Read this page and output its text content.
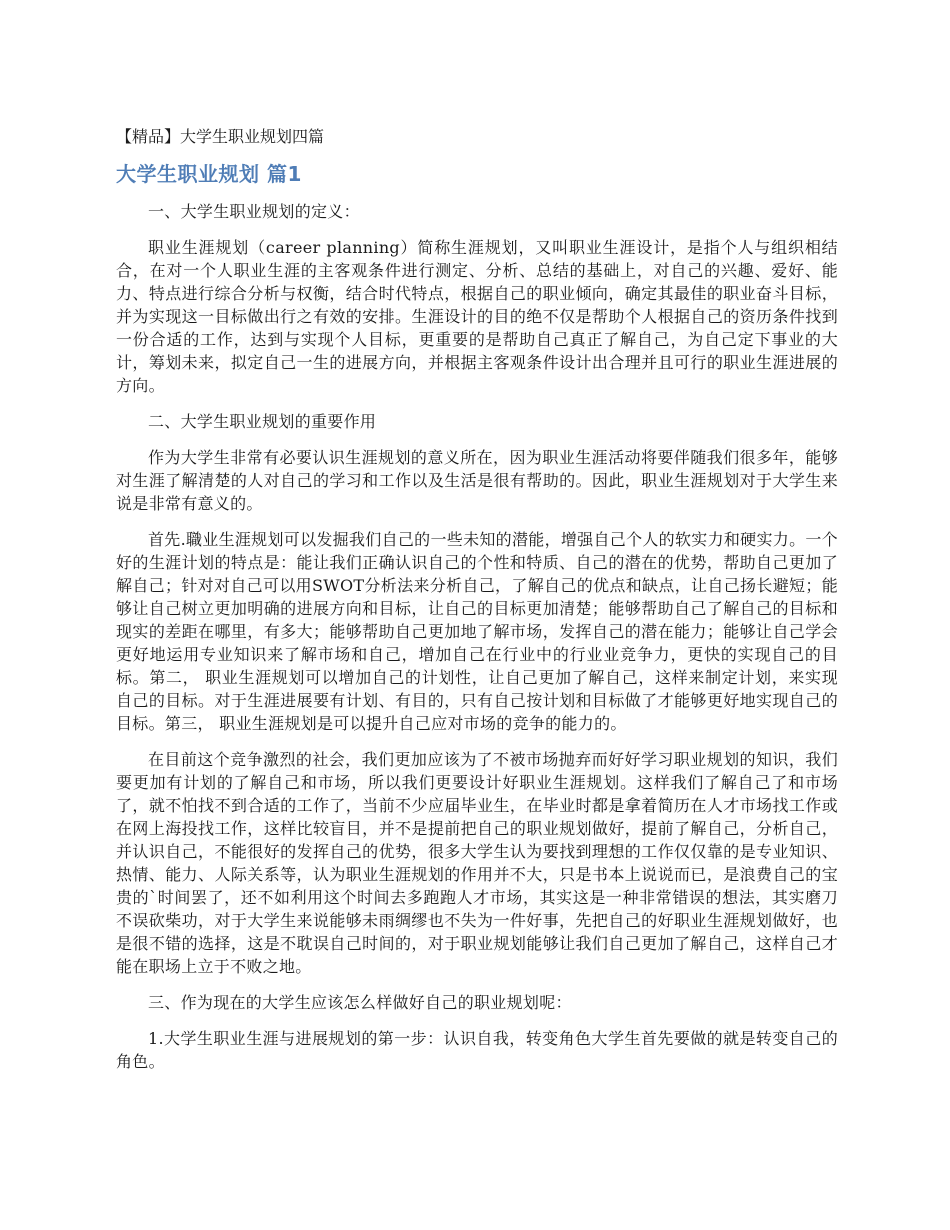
【精品】大学生职业规划四篇
大学生职业规划 篇1

一、大学生职业规划的定义：

职业生涯规划（career planning）简称生涯规划，又叫职业生涯设计，是指个人与组织相结合，在对一个人职业生涯的主客观条件进行测定、分析、总结的基础上，对自己的兴趣、爱好、能力、特点进行综合分析与权衡，结合时代特点，根据自己的职业倾向，确定其最佳的职业奋斗目标，并为实现这一目标做出行之有效的安排。生涯设计的目的绝不仅是帮助个人根据自己的资历条件找到一份合适的工作，达到与实现个人目标，更重要的是帮助自己真正了解自己，为自己定下事业的大计，筹划未来，拟定自己一生的进展方向，并根据主客观条件设计出合理并且可行的职业生涯进展的方向。

二、大学生职业规划的重要作用

作为大学生非常有必要认识生涯规划的意义所在，因为职业生涯活动将要伴随我们很多年，能够对生涯了解清楚的人对自己的学习和工作以及生活是很有帮助的。因此，职业生涯规划对于大学生来说是非常有意义的。

首先.職业生涯规划可以发掘我们自己的一些未知的潜能，增强自己个人的软实力和硬实力。一个好的生涯计划的特点是：能让我们正确认识自己的个性和特质、自己的潜在的优势，帮助自己更加了解自己；针对对自己可以用SWOT分析法来分析自己，了解自己的优点和缺点，让自己扬长避短；能够让自己树立更加明确的进展方向和目标，让自己的目标更加清楚；能够帮助自己了解自己的目标和现实的差距在哪里，有多大；能够帮助自己更加地了解市场，发挥自己的潜在能力；能够让自己学会更好地运用专业知识来了解市场和自己，增加自己在行业中的行业业竞争力，更快的实现自己的目标。第二， 职业生涯规划可以增加自己的计划性，让自己更加了解自己，这样来制定计划，来实现自己的目标。对于生涯进展要有计划、有目的，只有自己按计划和目标做了才能够更好地实现自己的目标。第三， 职业生涯规划是可以提升自己应对市场的竞争的能力的。

在目前这个竞争激烈的社会，我们更加应该为了不被市场抛弃而好好学习职业规划的知识，我们要更加有计划的了解自己和市场，所以我们更要设计好职业生涯规划。这样我们了解自己了和市场了，就不怕找不到合适的工作了，当前不少应届毕业生，在毕业时都是拿着简历在人才市场找工作或在网上海投找工作，这样比较盲目，并不是提前把自己的职业规划做好，提前了解自己，分析自己，并认识自己，不能很好的发挥自己的优势，很多大学生认为要找到理想的工作仅仅靠的是专业知识、热情、能力、人际关系等，认为职业生涯规划的作用并不大，只是书本上说说而已，是浪费自己的宝贵的`时间罢了，还不如利用这个时间去多跑跑人才市场，其实这是一种非常错误的想法，其实磨刀不误砍柴功，对于大学生来说能够未雨绸缪也不失为一件好事，先把自己的好职业生涯规划做好，也是很不错的选择，这是不耽误自己时间的，对于职业规划能够让我们自己更加了解自己，这样自己才能在职场上立于不败之地。

三、作为现在的大学生应该怎么样做好自己的职业规划呢：

1.大学生职业生涯与进展规划的第一步：认识自我，转变角色大学生首先要做的就是转变自己的角色。
